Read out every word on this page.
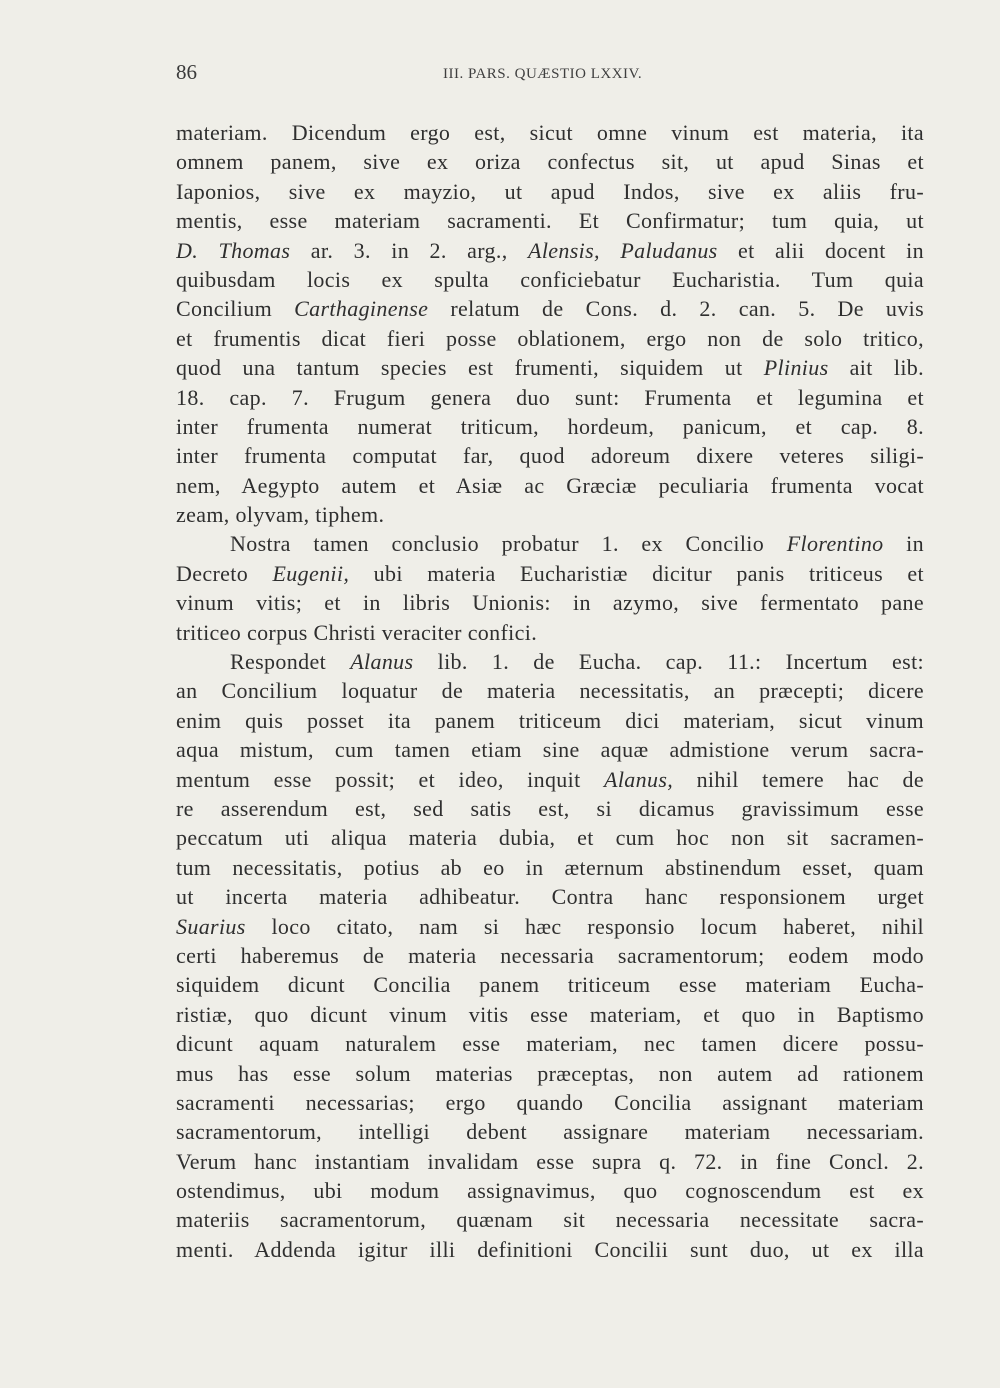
86	III. PARS. QUÆSTIO LXXIV.
materiam. Dicendum ergo est, sicut omne vinum est materia, ita
omnem panem, sive ex oriza confectus sit, ut apud Sinas et
Iaponios, sive ex mayzio, ut apud Indos, sive ex aliis fru-
mentis, esse materiam sacramenti. Et Confirmatur; tum quia, ut
D. Thomas ar. 3. in 2. arg., Alensis, Paludanus et alii docent in
quibusdam locis ex spulta conficiebatur Eucharistia. Tum quia
Concilium Carthaginense relatum de Cons. d. 2. can. 5. De uvis
et frumentis dicat fieri posse oblationem, ergo non de solo tritico,
quod una tantum species est frumenti, siquidem ut Plinius ait lib.
18. cap. 7. Frugum genera duo sunt: Frumenta et legumina et
inter frumenta numerat triticum, hordeum, panicum, et cap. 8.
inter frumenta computat far, quod adoreum dixere veteres siligi-
nem, Aegypto autem et Asiæ ac Græciæ peculiaria frumenta vocat
zeam, olyvam, tiphem.
Nostra tamen conclusio probatur 1. ex Concilio Florentino in
Decreto Eugenii, ubi materia Eucharistiæ dicitur panis triticeus et
vinum vitis; et in libris Unionis: in azymo, sive fermentato pane
triticeo corpus Christi veraciter confici.
Respondet Alanus lib. 1. de Eucha. cap. 11.: Incertum est:
an Concilium loquatur de materia necessitatis, an præcepti; dicere
enim quis posset ita panem triticeum dici materiam, sicut vinum
aqua mistum, cum tamen etiam sine aquæ admistione verum sacra-
mentum esse possit; et ideo, inquit Alanus, nihil temere hac de
re asserendum est, sed satis est, si dicamus gravissimum esse
peccatum uti aliqua materia dubia, et cum hoc non sit sacramen-
tum necessitatis, potius ab eo in æternum abstinendum esset, quam
ut incerta materia adhibeatur. Contra hanc responsionem urget
Suarius loco citato, nam si hæc responsio locum haberet, nihil
certi haberemus de materia necessaria sacramentorum; eodem modo
siquidem dicunt Concilia panem triticeum esse materiam Eucha-
ristiæ, quo dicunt vinum vitis esse materiam, et quo in Baptismo
dicunt aquam naturalem esse materiam, nec tamen dicere possu-
mus has esse solum materias præceptas, non autem ad rationem
sacramenti necessarias; ergo quando Concilia assignant materiam
sacramentorum, intelligi debent assignare materiam necessariam.
Verum hanc instantiam invalidam esse supra q. 72. in fine Concl. 2.
ostendimus, ubi modum assignavimus, quo cognoscendum est ex
materiis sacramentorum, quænam sit necessaria necessitate sacra-
menti. Addenda igitur illi definitioni Concilii sunt duo, ut ex illa
